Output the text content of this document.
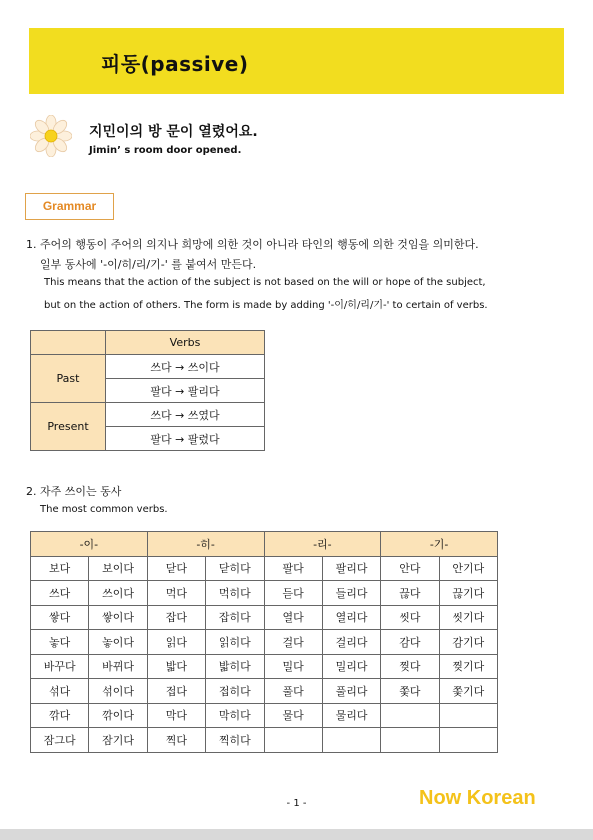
피동(passive)
지민이의 방 문이 열렸어요.
Jimin’ s room door opened.
Grammar
1. 주어의 행동이 주어의 의지나 희망에 의한 것이 아니라 타인의 행동에 의한 것임을 의미한다.
일부 동사에 '-이/히/리/기-' 를 붙여서 만든다.
This means that the action of the subject is not based on the will or hope of the subject,
but on the action of others. The form is made by adding '-이/히/리/기-' to certain of verbs.
	Verbs
Past	쓰다 → 쓰이다
	팔다 → 팔리다
Present	쓰다 → 쓰였다
	팔다 → 팔렸다
2. 자주 쓰이는 동사
The most common verbs.
-이-		-히-		-리-		-기-	
보다	보이다	닫다	닫히다	팔다	팔리다	안다	안기다
쓰다	쓰이다	먹다	먹히다	듣다	들리다	끊다	끊기다
쌓다	쌓이다	잡다	잡히다	열다	열리다	씻다	씻기다
놓다	놓이다	읽다	읽히다	걸다	걸리다	감다	감기다
바꾸다	바뀌다	밟다	밟히다	밀다	밀리다	찢다	찢기다
섞다	섞이다	접다	접히다	풀다	풀리다	쫓다	쫓기다
깎다	깎이다	막다	막히다	물다	물리다		
잠그다	잠기다	찍다	찍히다				
- 1 -	Now Korean
